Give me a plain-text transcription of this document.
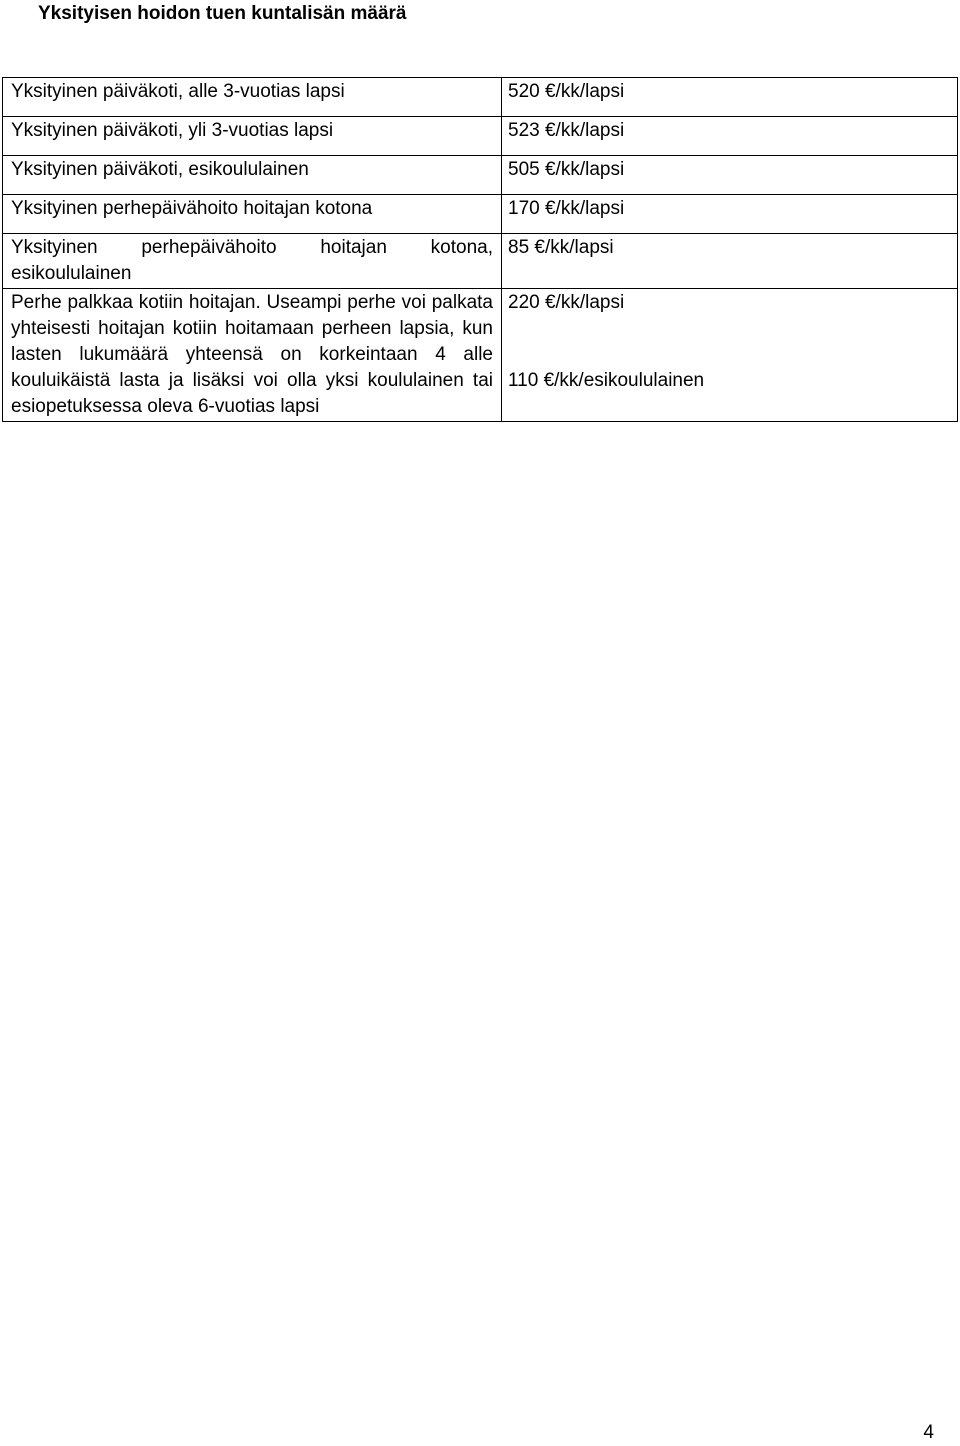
Yksityisen hoidon tuen kuntalisän määrä
Yksityinen päiväkoti, alle 3-vuotias lapsi	520 €/kk/lapsi
Yksityinen päiväkoti, yli 3-vuotias lapsi	523 €/kk/lapsi
Yksityinen päiväkoti, esikoululainen	505 €/kk/lapsi
Yksityinen perhepäivähoito hoitajan kotona	170 €/kk/lapsi
Yksityinen perhepäivähoito hoitajan kotona, esikoululainen	85 €/kk/lapsi
Perhe palkkaa kotiin hoitajan. Useampi perhe voi palkata yhteisesti hoitajan kotiin hoitamaan perheen lapsia, kun lasten lukumäärä yhteensä on korkeintaan 4 alle kouluikäistä lasta ja lisäksi voi olla yksi koululainen tai esiopetuksessa oleva 6-vuotias lapsi	220 €/kk/lapsi
110 €/kk/esikoululainen
4
